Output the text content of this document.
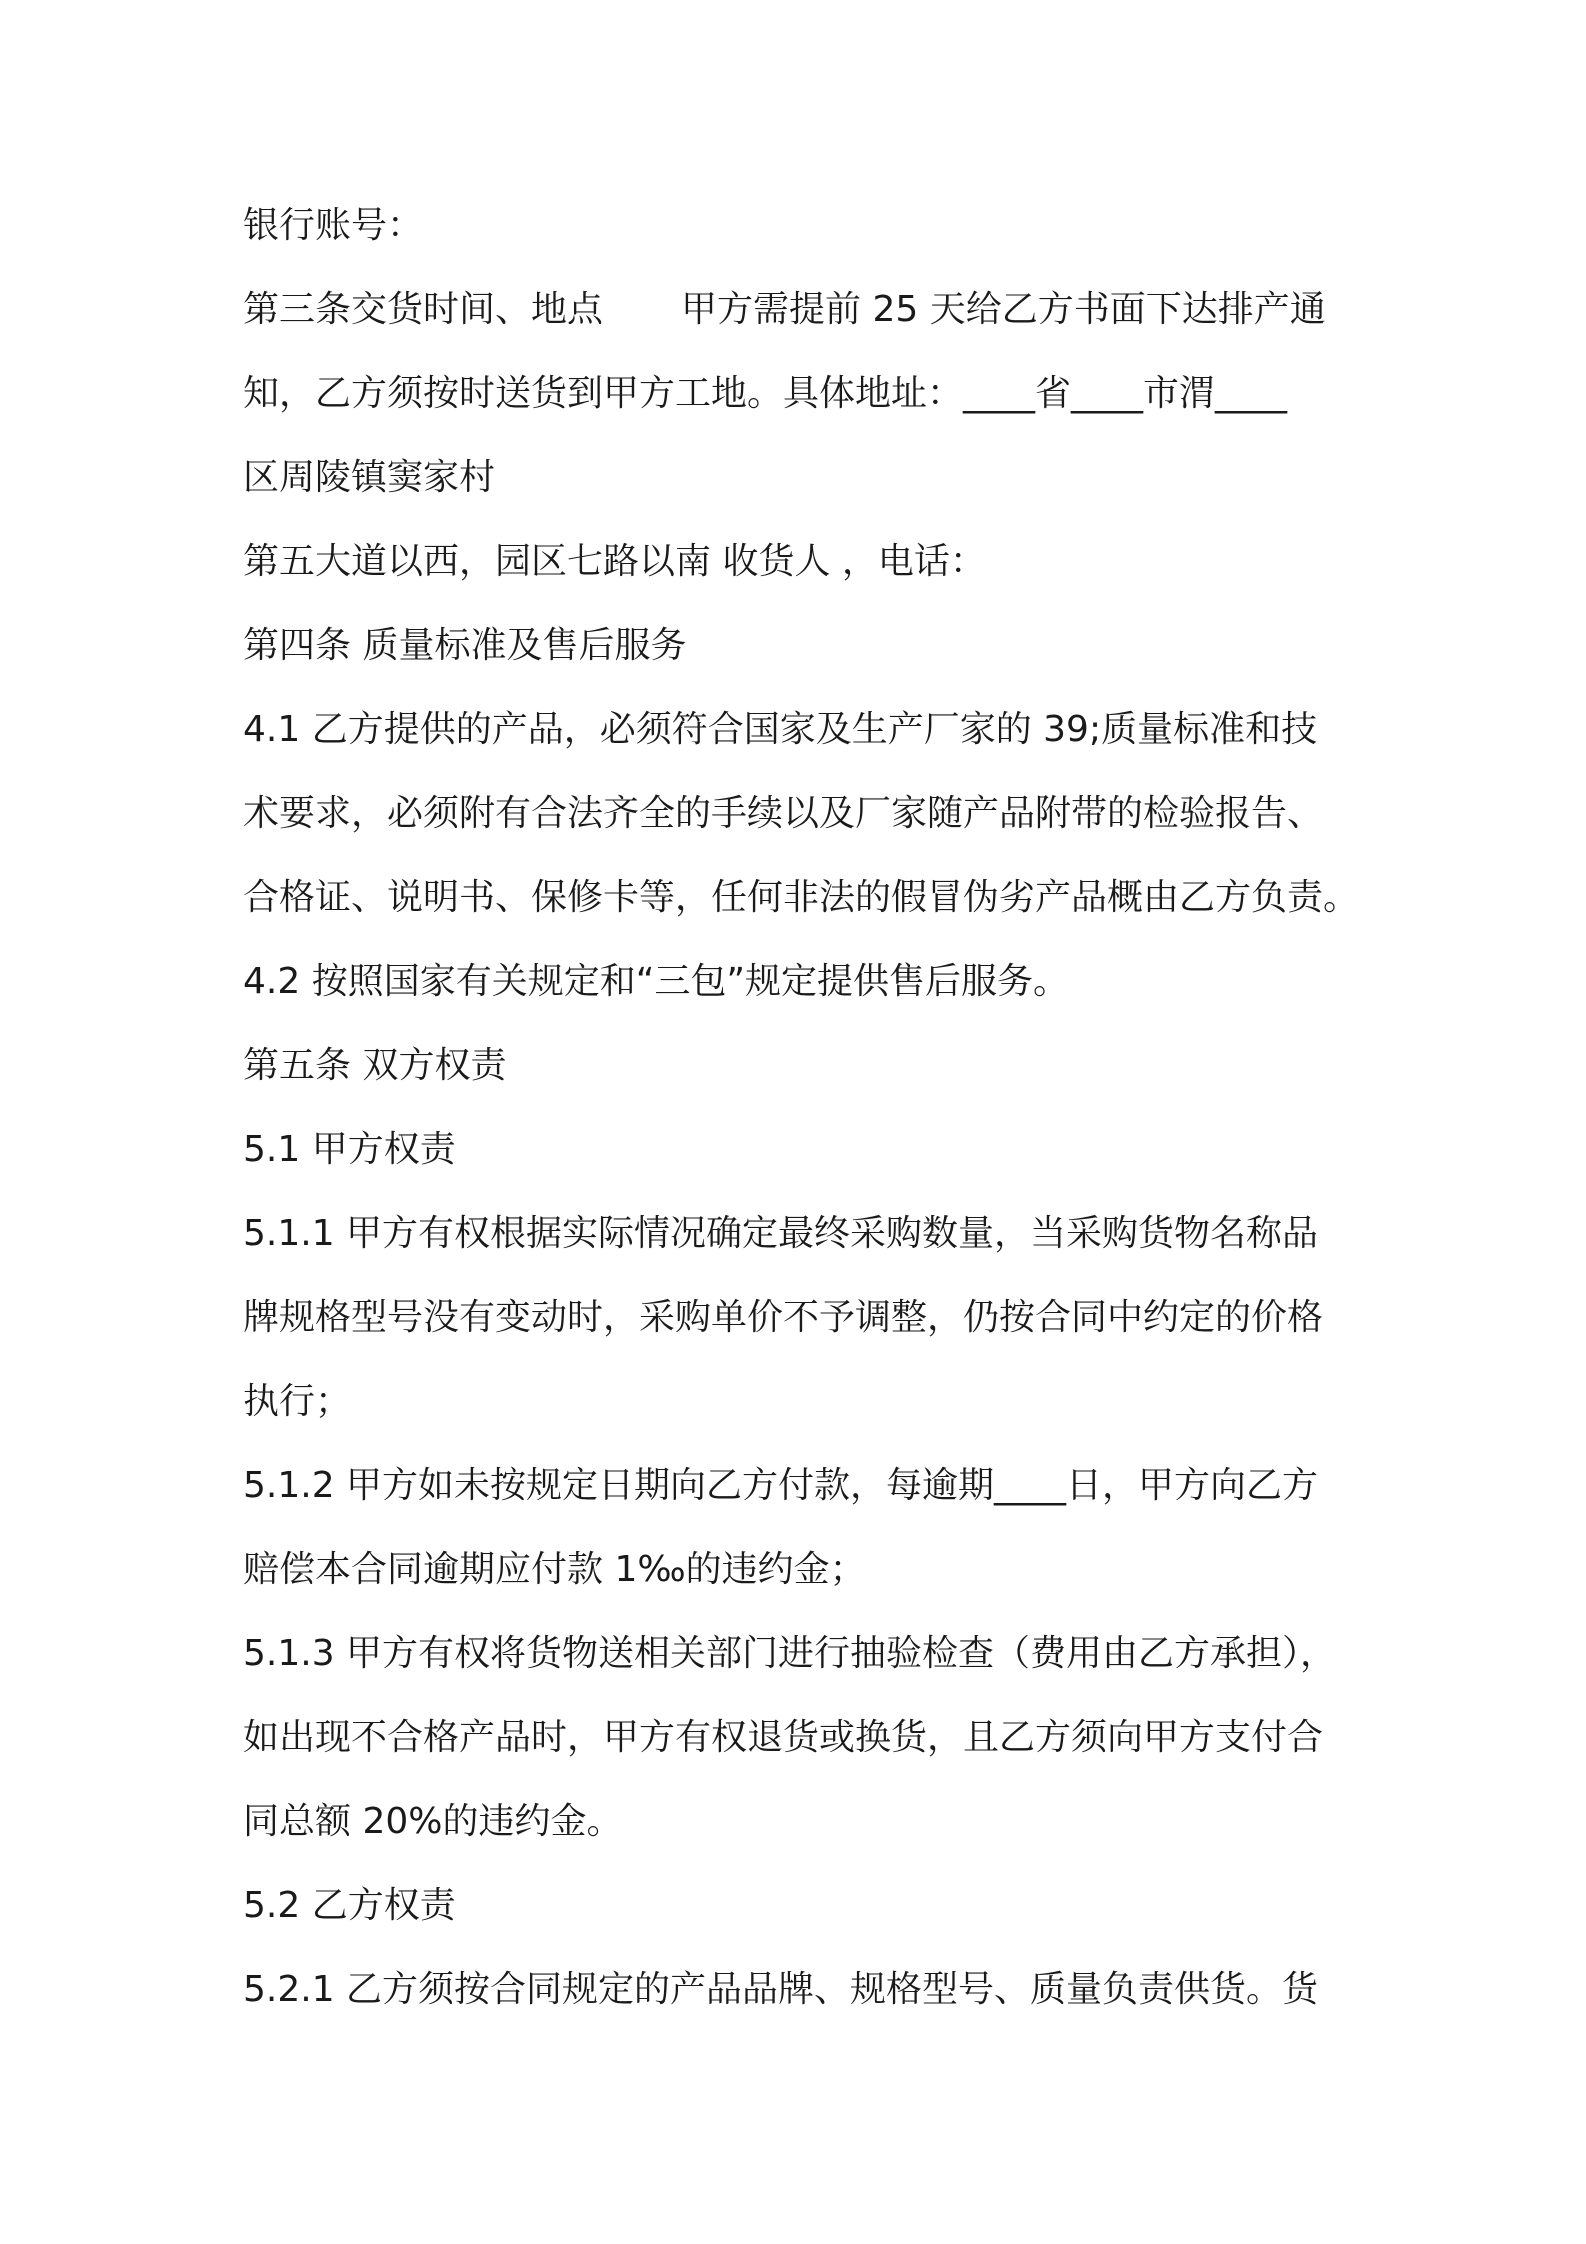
银行账号：
第三条交货时间、地点 甲方需提前 25 天给乙方书面下达排产通
知，乙方须按时送货到甲方工地。具体地址：____省____市渭____
区周陵镇窦家村
第五大道以西，园区七路以南 收货人 ，电话：
第四条 质量标准及售后服务
4.1 乙方提供的产品，必须符合国家及生产厂家的 39;质量标准和技
术要求，必须附有合法齐全的手续以及厂家随产品附带的检验报告、
合格证、说明书、保修卡等，任何非法的假冒伪劣产品概由乙方负责。
4.2 按照国家有关规定和“三包”规定提供售后服务。
第五条 双方权责
5.1 甲方权责
5.1.1 甲方有权根据实际情况确定最终采购数量，当采购货物名称品
牌规格型号没有变动时，采购单价不予调整，仍按合同中约定的价格
执行；
5.1.2 甲方如未按规定日期向乙方付款，每逾期____日，甲方向乙方
赔偿本合同逾期应付款 1‰的违约金；
5.1.3 甲方有权将货物送相关部门进行抽验检查（费用由乙方承担），
如出现不合格产品时，甲方有权退货或换货，且乙方须向甲方支付合
同总额 20%的违约金。
5.2 乙方权责
5.2.1 乙方须按合同规定的产品品牌、规格型号、质量负责供货。货
